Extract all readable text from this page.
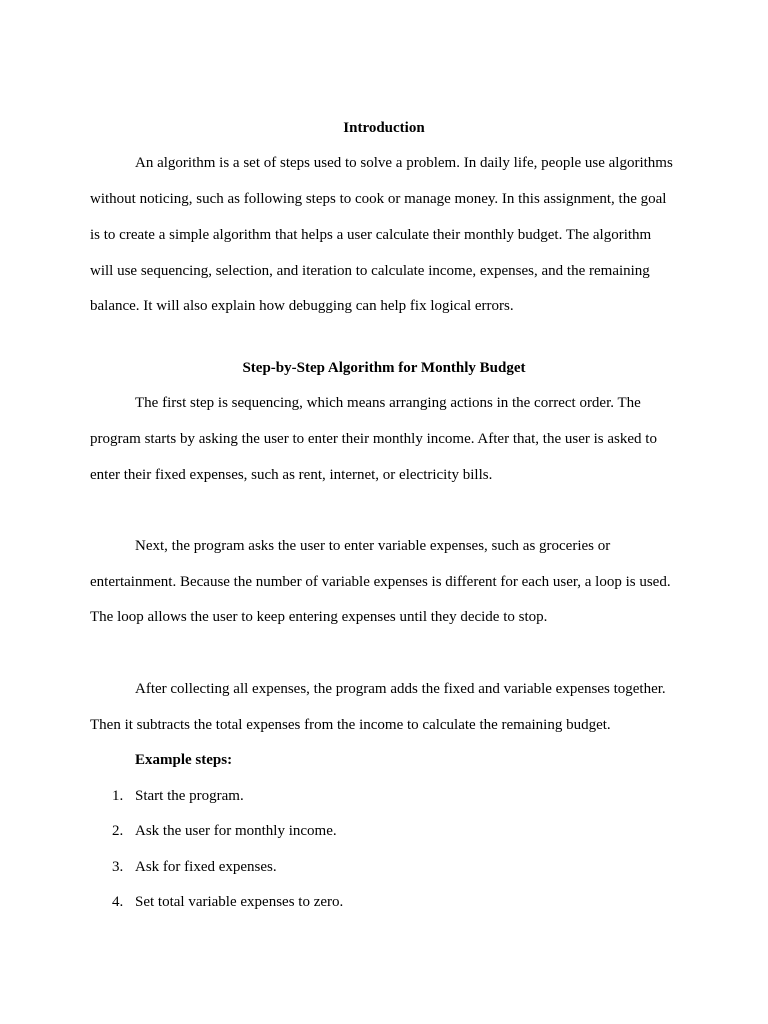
Introduction
An algorithm is a set of steps used to solve a problem. In daily life, people use algorithms
without noticing, such as following steps to cook or manage money. In this assignment, the goal
is to create a simple algorithm that helps a user calculate their monthly budget. The algorithm
will use sequencing, selection, and iteration to calculate income, expenses, and the remaining
balance. It will also explain how debugging can help fix logical errors.
Step-by-Step Algorithm for Monthly Budget
The first step is sequencing, which means arranging actions in the correct order. The
program starts by asking the user to enter their monthly income. After that, the user is asked to
enter their fixed expenses, such as rent, internet, or electricity bills.
Next, the program asks the user to enter variable expenses, such as groceries or
entertainment. Because the number of variable expenses is different for each user, a loop is used.
The loop allows the user to keep entering expenses until they decide to stop.
After collecting all expenses, the program adds the fixed and variable expenses together.
Then it subtracts the total expenses from the income to calculate the remaining budget.
Example steps:
1. Start the program.
2. Ask the user for monthly income.
3. Ask for fixed expenses.
4. Set total variable expenses to zero.
